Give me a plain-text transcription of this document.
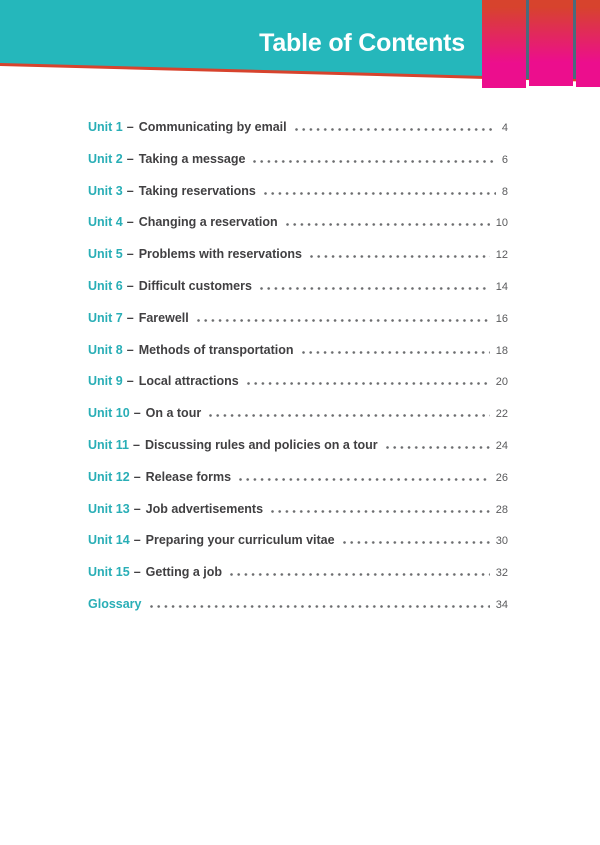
Table of Contents
Unit 1 – Communicating by email	4
Unit 2 – Taking a message	6
Unit 3 – Taking reservations	8
Unit 4 – Changing a reservation	10
Unit 5 – Problems with reservations	12
Unit 6 – Difficult customers	14
Unit 7 – Farewell	16
Unit 8 – Methods of transportation	18
Unit 9 – Local attractions	20
Unit 10 – On a tour	22
Unit 11 – Discussing rules and policies on a tour	24
Unit 12 – Release forms	26
Unit 13 – Job advertisements	28
Unit 14 – Preparing your curriculum vitae	30
Unit 15 – Getting a job	32
Glossary	34
